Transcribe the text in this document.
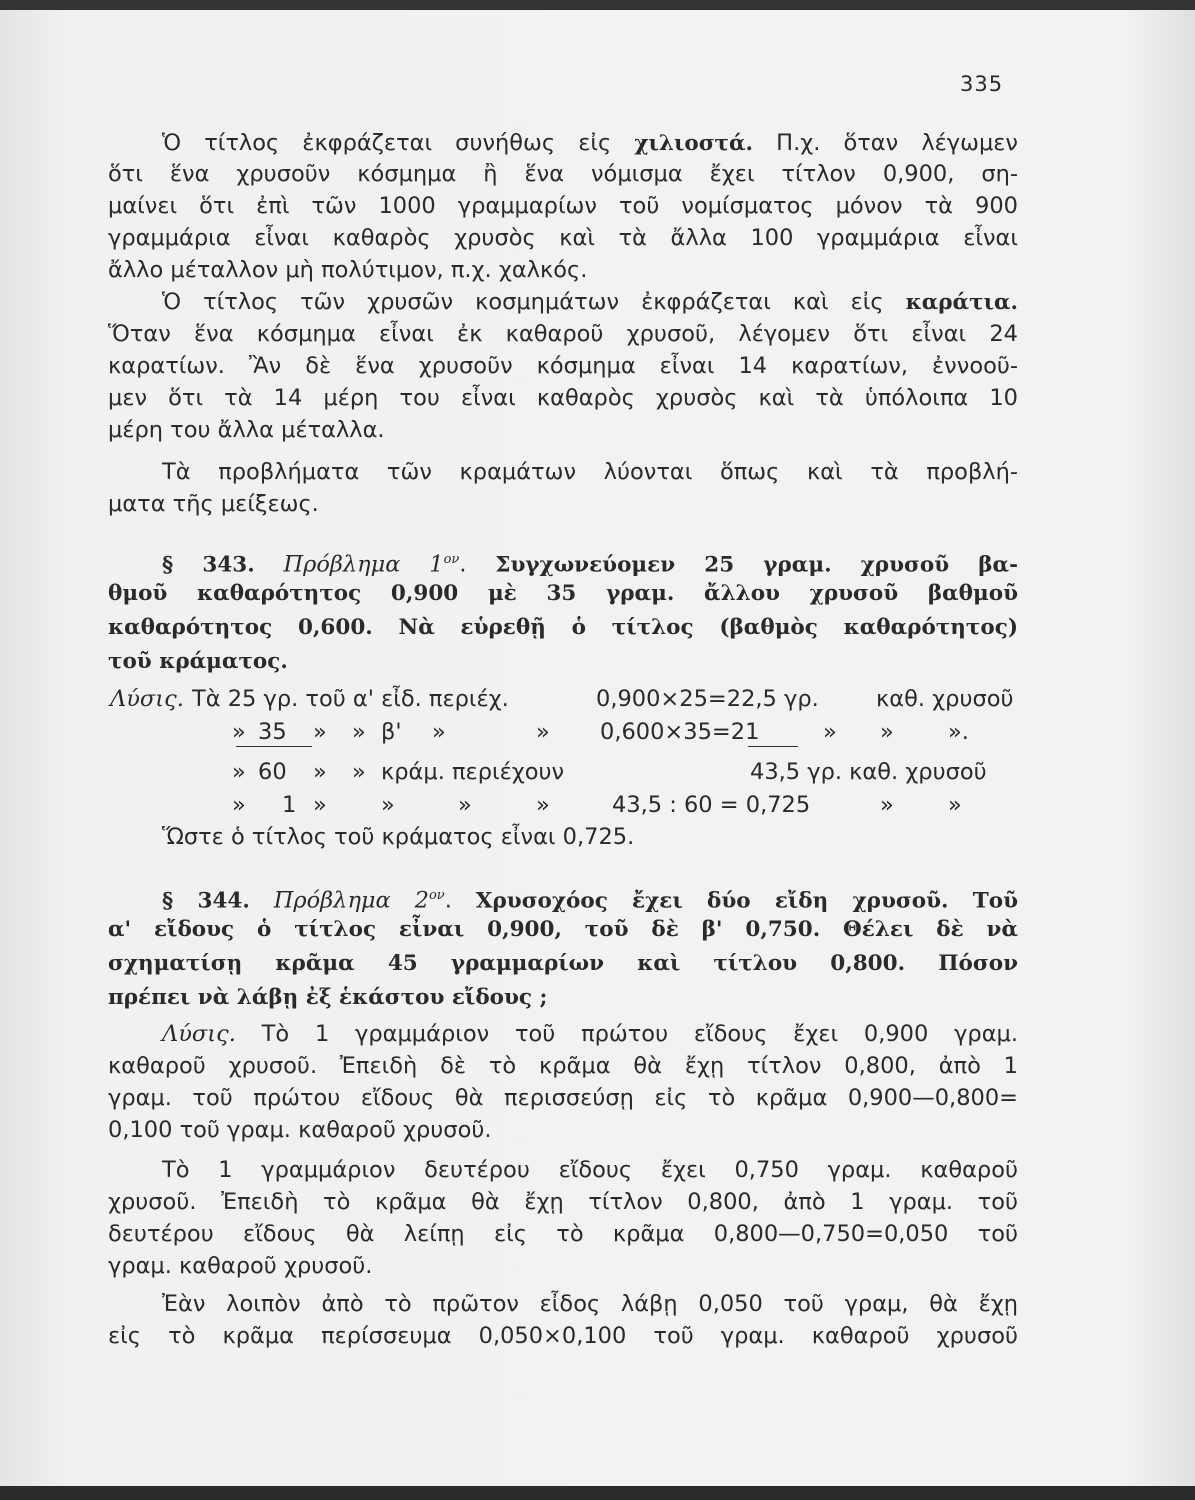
335
Ὁ τίτλος ἐκφράζεται συνήθως εἰς χιλιοστά. Π.χ. ὅταν λέγωμεν
ὅτι ἕνα χρυσοῦν κόσμημα ἢ ἕνα νόμισμα ἔχει τίτλον 0,900, ση-
μαίνει ὅτι ἐπὶ τῶν 1000 γραμμαρίων τοῦ νομίσματος μόνον τὰ 900
γραμμάρια εἶναι καθαρὸς χρυσὸς καὶ τὰ ἄλλα 100 γραμμάρια εἶναι
ἄλλο μέταλλον μὴ πολύτιμον, π.χ. χαλκός.
Ὁ τίτλος τῶν χρυσῶν κοσμημάτων ἐκφράζεται καὶ εἰς καράτια.
Ὅταν ἕνα κόσμημα εἶναι ἐκ καθαροῦ χρυσοῦ, λέγομεν ὅτι εἶναι 24
καρατίων. Ἂν δὲ ἕνα χρυσοῦν κόσμημα εἶναι 14 καρατίων, ἐννοοῦ-
μεν ὅτι τὰ 14 μέρη του εἶναι καθαρὸς χρυσὸς καὶ τὰ ὑπόλοιπα 10
μέρη του ἄλλα μέταλλα.
Τὰ προβλήματα τῶν κραμάτων λύονται ὅπως καὶ τὰ προβλή-
ματα τῆς μείξεως.
§ 343. Πρόβλημα $1^{o\nu}$. Συγχωνεύομεν 25 γραμ. χρυσοῦ βα-
θμοῦ καθαρότητος 0,900 μὲ 35 γραμ. ἄλλου χρυσοῦ βαθμοῦ
καθαρότητος 0,600. Νὰ εὑρεθῇ ὁ τίτλος (βαθμὸς καθαρότητος)
τοῦ κράματος.
Λύσις. Τὰ 25 γρ. τοῦ α' εἶδ. περιέχ.	0,900×25=22,5 γρ.	καθ. χρυσοῦ
» 35 » » β' »	» 0,600×35=21	» » ».
» 60 » » κράμ. περιέχουν	43,5 γρ. καθ. χρυσοῦ
» 1 » »	»	»	43,5 : 60 = 0,725	» »
Ὥστε ὁ τίτλος τοῦ κράματος εἶναι 0,725.
§ 344. Πρόβλημα $2^{o\nu}$. Χρυσοχόος ἔχει δύο εἴδη χρυσοῦ. Τοῦ
α' εἴδους ὁ τίτλος εἶναι 0,900, τοῦ δὲ β' 0,750. Θέλει δὲ νὰ
σχηματίσῃ κρᾶμα 45 γραμμαρίων καὶ τίτλου 0,800. Πόσον
πρέπει νὰ λάβῃ ἐξ ἑκάστου εἴδους ;
Λύσις. Τὸ 1 γραμμάριον τοῦ πρώτου εἴδους ἔχει 0,900 γραμ.
καθαροῦ χρυσοῦ. Ἐπειδὴ δὲ τὸ κρᾶμα θὰ ἔχῃ τίτλον 0,800, ἀπὸ 1
γραμ. τοῦ πρώτου εἴδους θὰ περισσεύσῃ εἰς τὸ κρᾶμα 0,900—0,800=
0,100 τοῦ γραμ. καθαροῦ χρυσοῦ.
Τὸ 1 γραμμάριον δευτέρου εἴδους ἔχει 0,750 γραμ. καθαροῦ
χρυσοῦ. Ἐπειδὴ τὸ κρᾶμα θὰ ἔχῃ τίτλον 0,800, ἀπὸ 1 γραμ. τοῦ
δευτέρου εἴδους θὰ λείπῃ εἰς τὸ κρᾶμα 0,800—0,750=0,050 τοῦ
γραμ. καθαροῦ χρυσοῦ.
Ἐὰν λοιπὸν ἀπὸ τὸ πρῶτον εἶδος λάβῃ 0,050 τοῦ γραμ, θὰ ἔχῃ
εἰς τὸ κρᾶμα περίσσευμα 0,050×0,100 τοῦ γραμ. καθαροῦ χρυσοῦ
